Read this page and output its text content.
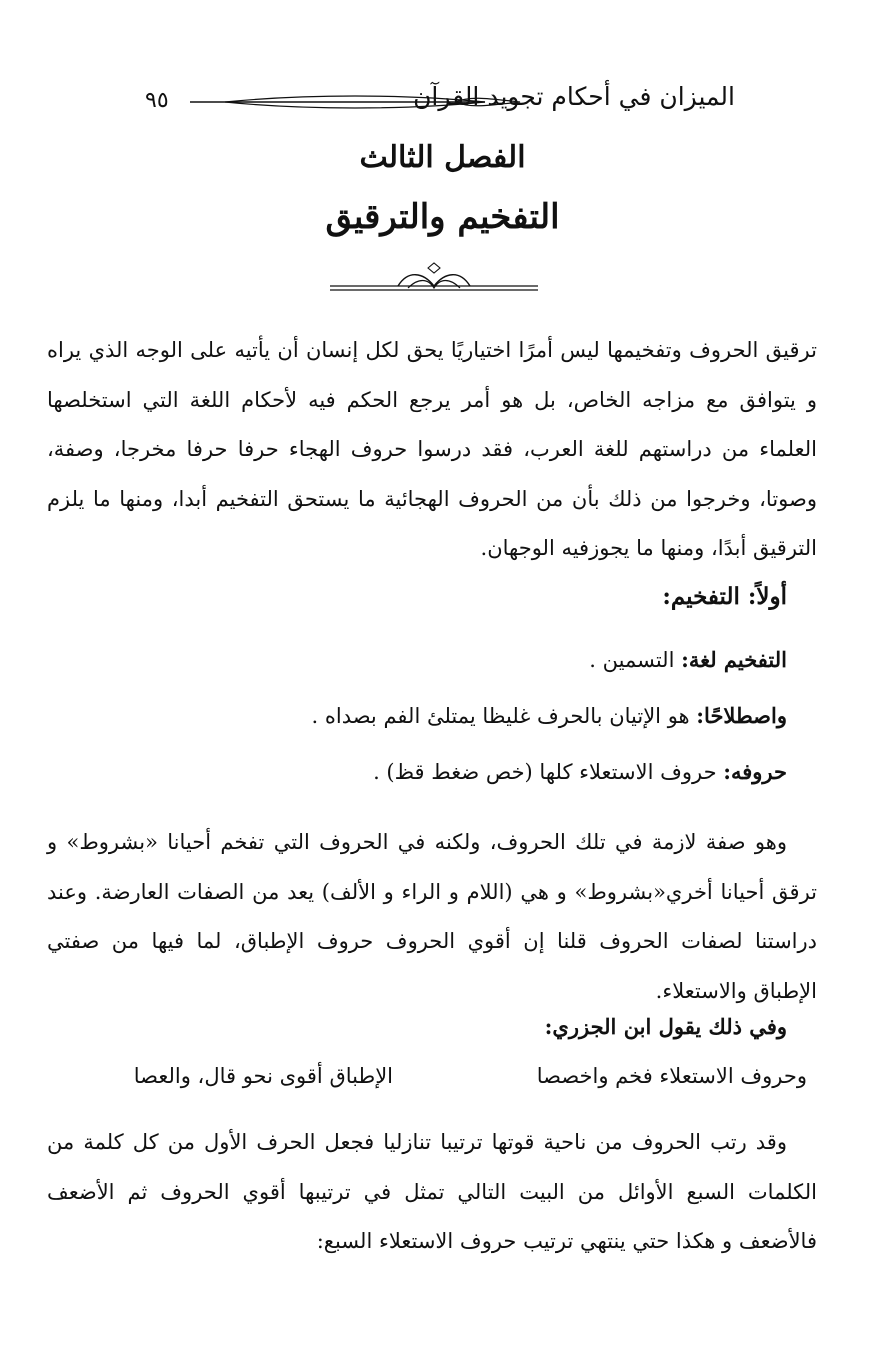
٩٥	الميزان في أحكام تجويد القرآن
الفصل الثالث
التفخيم والترقيق

ترقيق الحروف وتفخيمها ليس أمرًا اختياريًا يحق لكل إنسان أن يأتيه على الوجه الذي يراه و يتوافق مع مزاجه الخاص، بل هو أمر يرجع الحكم فيه لأحكام اللغة التي استخلصها العلماء من دراستهم للغة العرب، فقد درسوا حروف الهجاء حرفا حرفا مخرجا، وصفة، وصوتا، وخرجوا من ذلك بأن من الحروف الهجائية ما يستحق التفخيم أبدا، ومنها ما يلزم الترقيق أبدًا، ومنها ما يجوزفيه الوجهان.

أولاً: التفخيم:
التفخيم لغة: التسمين .
واصطلاحًا: هو الإتيان بالحرف غليظا يمتلئ الفم بصداه .
حروفه: حروف الاستعلاء كلها (خص ضغط قظ) .

وهو صفة لازمة في تلك الحروف، ولكنه في الحروف التي تفخم أحيانا «بشروط» و ترقق أحيانا أخري«بشروط» و هي (اللام و الراء و الألف) يعد من الصفات العارضة. وعند دراستنا لصفات الحروف قلنا إن أقوي الحروف حروف الإطباق، لما فيها من صفتي الإطباق والاستعلاء.

وفي ذلك يقول ابن الجزري:
وحروف الاستعلاء فخم واخصصا
الإطباق أقوى نحو قال، والعصا

وقد رتب الحروف من ناحية قوتها ترتيبا تنازليا فجعل الحرف الأول من كل كلمة من الكلمات السبع الأوائل من البيت التالي تمثل في ترتيبها أقوي الحروف ثم الأضعف فالأضعف و هكذا حتي ينتهي ترتيب حروف الاستعلاء السبع:
